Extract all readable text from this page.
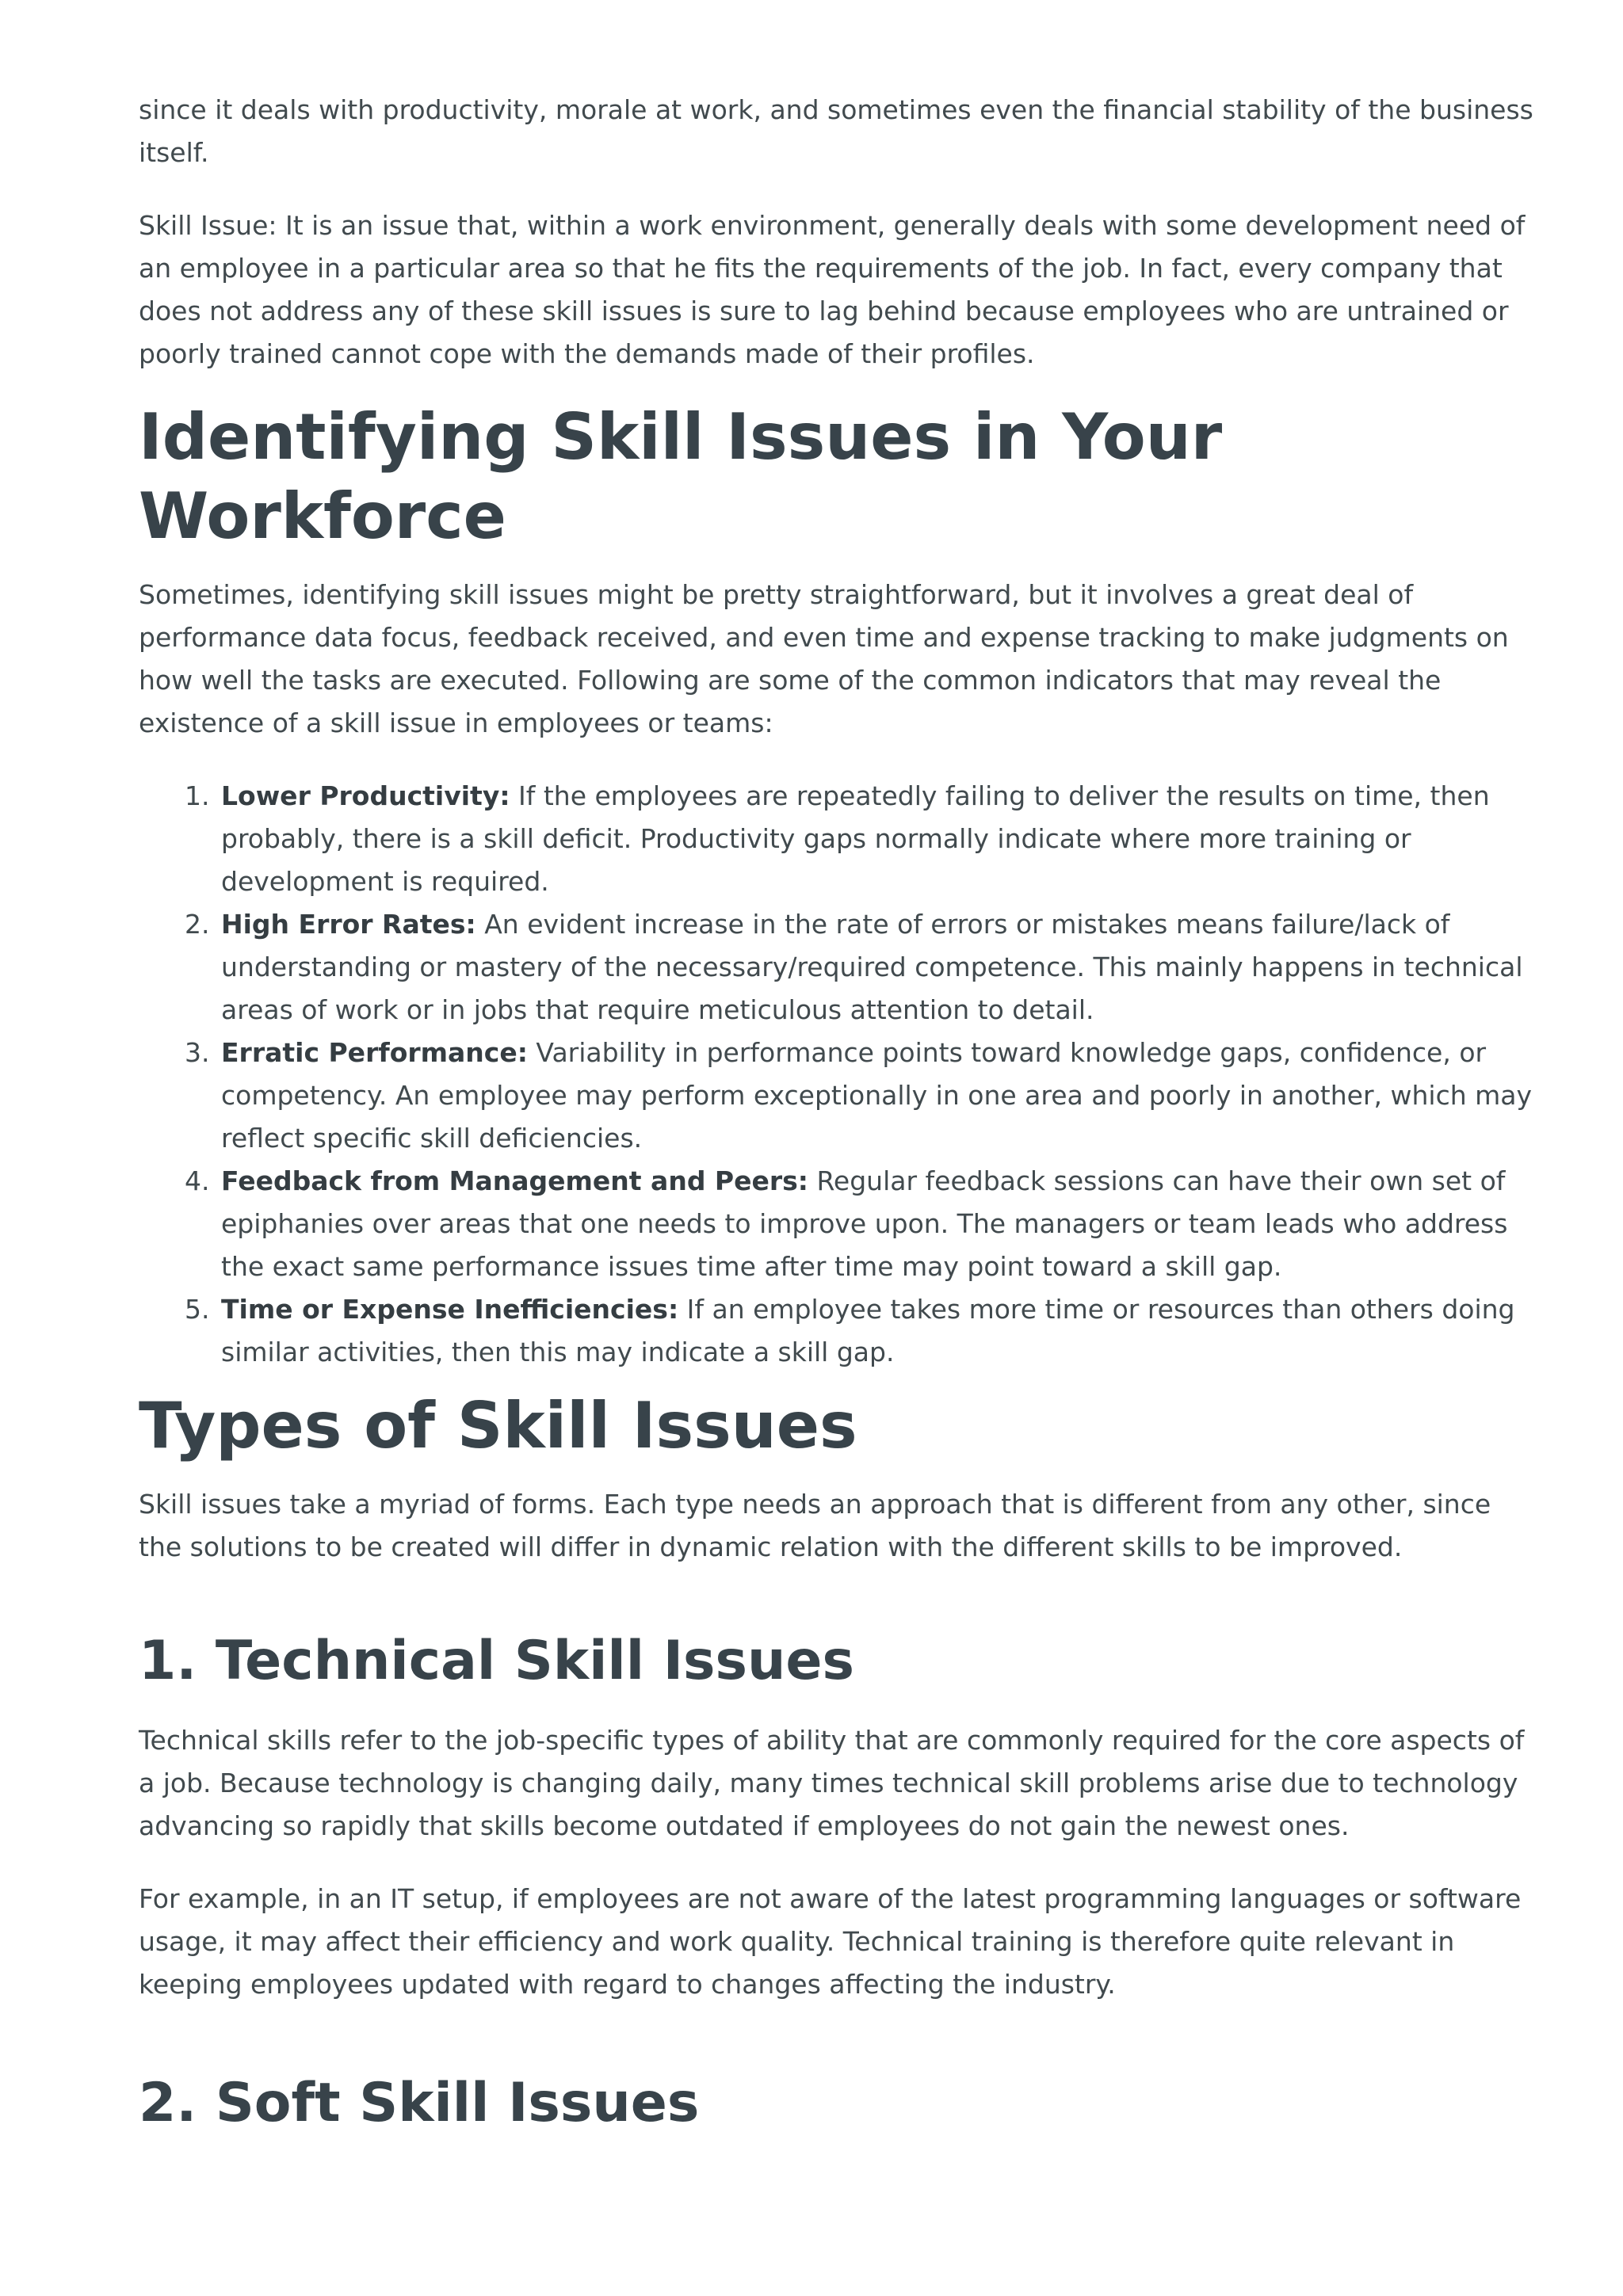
since it deals with productivity, morale at work, and sometimes even the financial stability of the business itself.

Skill Issue: It is an issue that, within a work environment, generally deals with some development need of an employee in a particular area so that he fits the requirements of the job. In fact, every company that does not address any of these skill issues is sure to lag behind because employees who are untrained or poorly trained cannot cope with the demands made of their profiles.

Identifying Skill Issues in Your Workforce

Sometimes, identifying skill issues might be pretty straightforward, but it involves a great deal of performance data focus, feedback received, and even time and expense tracking to make judgments on how well the tasks are executed. Following are some of the common indicators that may reveal the existence of a skill issue in employees or teams:

1. Lower Productivity: If the employees are repeatedly failing to deliver the results on time, then probably, there is a skill deficit. Productivity gaps normally indicate where more training or development is required.
2. High Error Rates: An evident increase in the rate of errors or mistakes means failure/lack of understanding or mastery of the necessary/required competence. This mainly happens in technical areas of work or in jobs that require meticulous attention to detail.
3. Erratic Performance: Variability in performance points toward knowledge gaps, confidence, or competency. An employee may perform exceptionally in one area and poorly in another, which may reflect specific skill deficiencies.
4. Feedback from Management and Peers: Regular feedback sessions can have their own set of epiphanies over areas that one needs to improve upon. The managers or team leads who address the exact same performance issues time after time may point toward a skill gap.
5. Time or Expense Inefficiencies: If an employee takes more time or resources than others doing similar activities, then this may indicate a skill gap.
Types of Skill Issues

Skill issues take a myriad of forms. Each type needs an approach that is different from any other, since the solutions to be created will differ in dynamic relation with the different skills to be improved.

1. Technical Skill Issues

Technical skills refer to the job-specific types of ability that are commonly required for the core aspects of a job. Because technology is changing daily, many times technical skill problems arise due to technology advancing so rapidly that skills become outdated if employees do not gain the newest ones.

For example, in an IT setup, if employees are not aware of the latest programming languages or software usage, it may affect their efficiency and work quality. Technical training is therefore quite relevant in keeping employees updated with regard to changes affecting the industry.

2. Soft Skill Issues
